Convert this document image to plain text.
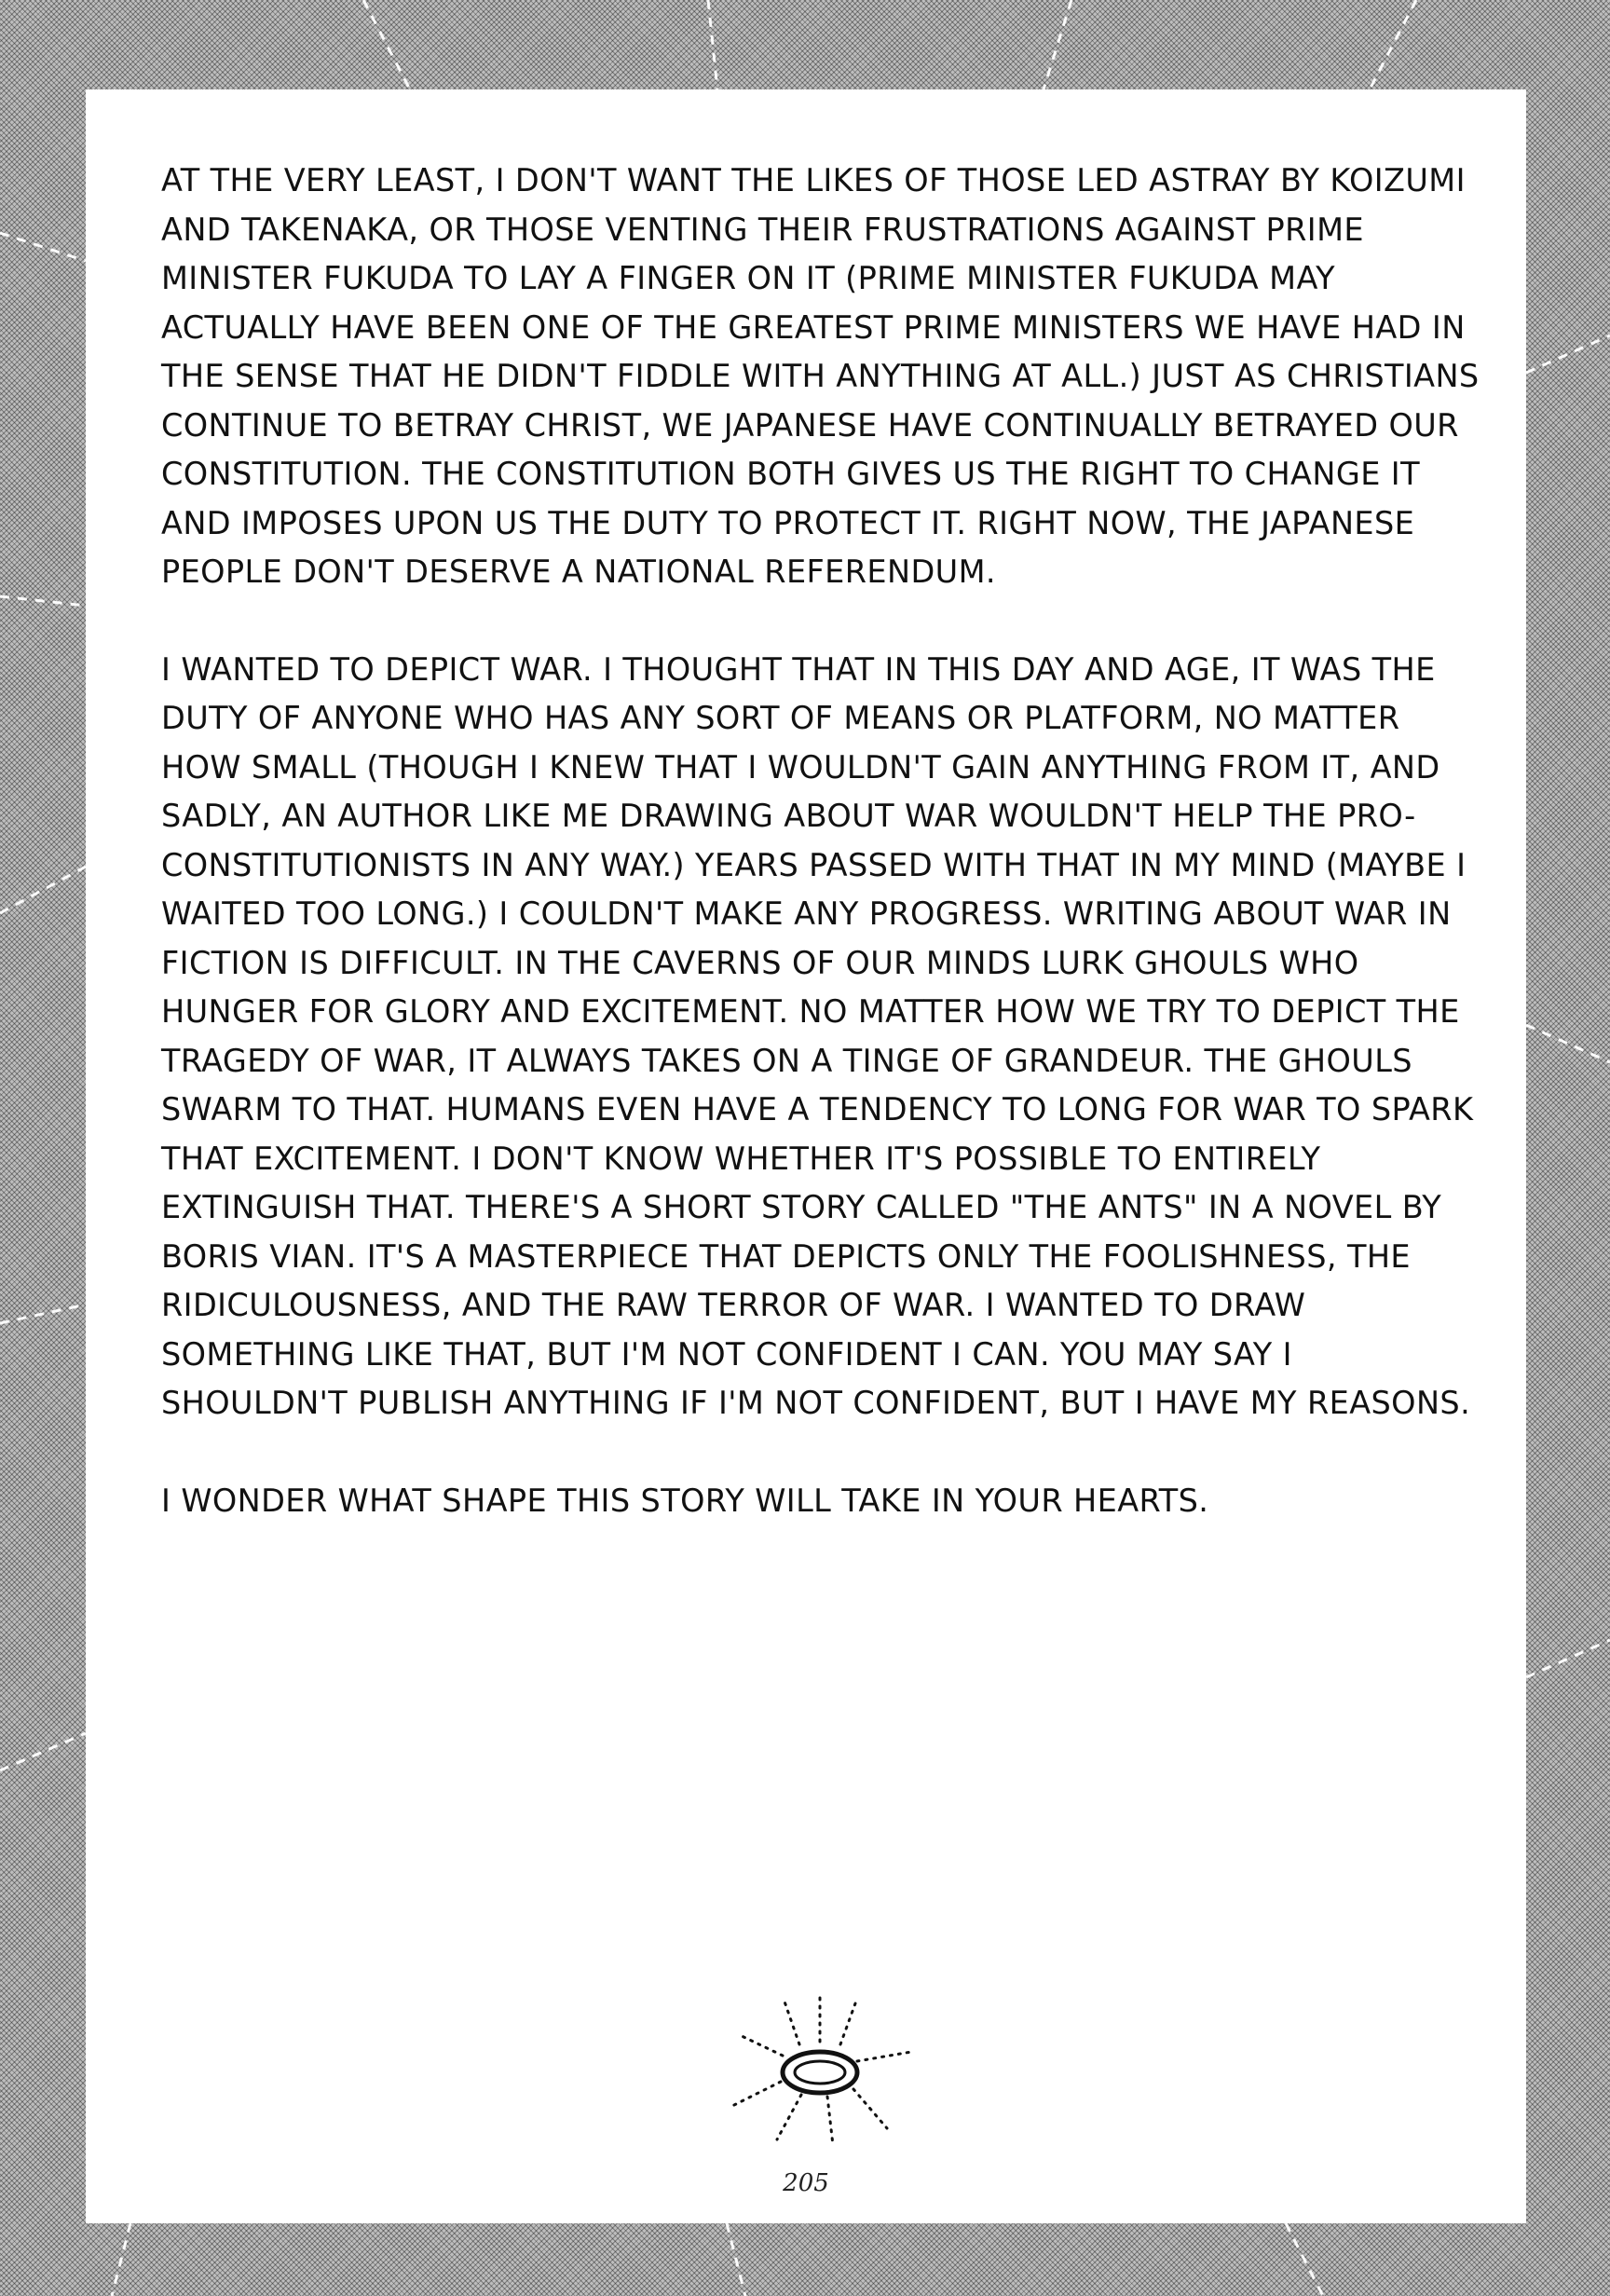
AT THE VERY LEAST, I DON'T WANT THE LIKES OF THOSE LED ASTRAY BY KOIZUMI AND TAKENAKA, OR THOSE VENTING THEIR FRUSTRATIONS AGAINST PRIME MINISTER FUKUDA TO LAY A FINGER ON IT (PRIME MINISTER FUKUDA MAY ACTUALLY HAVE BEEN ONE OF THE GREATEST PRIME MINISTERS WE HAVE HAD IN THE SENSE THAT HE DIDN'T FIDDLE WITH ANYTHING AT ALL.) JUST AS CHRISTIANS CONTINUE TO BETRAY CHRIST, WE JAPANESE HAVE CONTINUALLY BETRAYED OUR CONSTITUTION. THE CONSTITUTION BOTH GIVES US THE RIGHT TO CHANGE IT AND IMPOSES UPON US THE DUTY TO PROTECT IT. RIGHT NOW, THE JAPANESE PEOPLE DON'T DESERVE A NATIONAL REFERENDUM.

I WANTED TO DEPICT WAR. I THOUGHT THAT IN THIS DAY AND AGE, IT WAS THE DUTY OF ANYONE WHO HAS ANY SORT OF MEANS OR PLATFORM, NO MATTER HOW SMALL (THOUGH I KNEW THAT I WOULDN'T GAIN ANYTHING FROM IT, AND SADLY, AN AUTHOR LIKE ME DRAWING ABOUT WAR WOULDN'T HELP THE PRO-CONSTITUTIONISTS IN ANY WAY.) YEARS PASSED WITH THAT IN MY MIND (MAYBE I WAITED TOO LONG.) I COULDN'T MAKE ANY PROGRESS. WRITING ABOUT WAR IN FICTION IS DIFFICULT. IN THE CAVERNS OF OUR MINDS LURK GHOULS WHO HUNGER FOR GLORY AND EXCITEMENT. NO MATTER HOW WE TRY TO DEPICT THE TRAGEDY OF WAR, IT ALWAYS TAKES ON A TINGE OF GRANDEUR. THE GHOULS SWARM TO THAT. HUMANS EVEN HAVE A TENDENCY TO LONG FOR WAR TO SPARK THAT EXCITEMENT. I DON'T KNOW WHETHER IT'S POSSIBLE TO ENTIRELY EXTINGUISH THAT. THERE'S A SHORT STORY CALLED "THE ANTS" IN A NOVEL BY BORIS VIAN. IT'S A MASTERPIECE THAT DEPICTS ONLY THE FOOLISHNESS, THE RIDICULOUSNESS, AND THE RAW TERROR OF WAR. I WANTED TO DRAW SOMETHING LIKE THAT, BUT I'M NOT CONFIDENT I CAN. YOU MAY SAY I SHOULDN'T PUBLISH ANYTHING IF I'M NOT CONFIDENT, BUT I HAVE MY REASONS.

I WONDER WHAT SHAPE THIS STORY WILL TAKE IN YOUR HEARTS.

205
